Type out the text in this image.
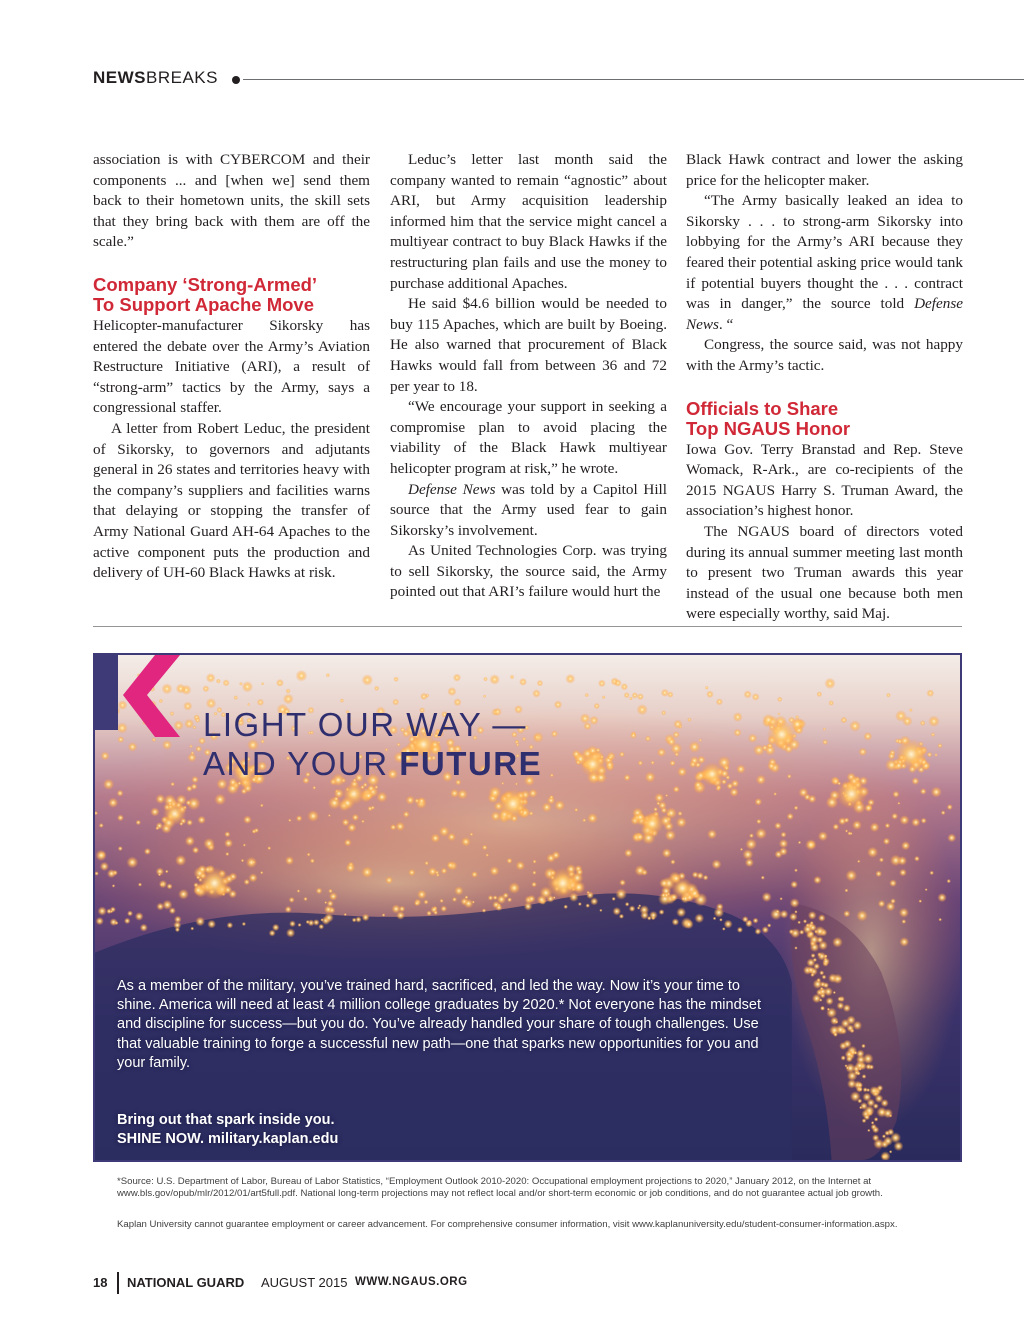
NEWSBREAKS

association is with CYBERCOM and their components ... and [when we] send them back to their hometown units, the skill sets that they bring back with them are off the scale.”

Company ‘Strong-Armed’
To Support Apache Move

Helicopter-manufacturer Sikorsky has entered the debate over the Army’s Aviation Restructure Initiative (ARI), a result of “strong-arm” tactics by the Army, says a congressional staffer.

A letter from Robert Leduc, the president of Sikorsky, to governors and adjutants general in 26 states and territories heavy with the company’s suppliers and facilities warns that delaying or stopping the transfer of Army National Guard AH-64 Apaches to the active component puts the production and delivery of UH-60 Black Hawks at risk.

Leduc’s letter last month said the company wanted to remain “agnostic” about ARI, but Army acquisition leadership informed him that the service might cancel a multiyear contract to buy Black Hawks if the restructuring plan fails and use the money to purchase additional Apaches.

He said $4.6 billion would be needed to buy 115 Apaches, which are built by Boeing. He also warned that procurement of Black Hawks would fall from between 36 and 72 per year to 18.

“We encourage your support in seeking a compromise plan to avoid placing the viability of the Black Hawk multiyear helicopter program at risk,” he wrote.

Defense News was told by a Capitol Hill source that the Army used fear to gain Sikorsky’s involvement.

As United Technologies Corp. was trying to sell Sikorsky, the source said, the Army pointed out that ARI’s failure would hurt the

Black Hawk contract and lower the asking price for the helicopter maker.

“The Army basically leaked an idea to Sikorsky . . . to strong-arm Sikorsky into lobbying for the Army’s ARI because they feared their potential asking price would tank if potential buyers thought the . . . contract was in danger,” the source told Defense News. “

Congress, the source said, was not happy with the Army’s tactic.

Officials to Share
Top NGAUS Honor

Iowa Gov. Terry Branstad and Rep. Steve Womack, R-Ark., are co-recipients of the 2015 NGAUS Harry S. Truman Award, the association’s highest honor.

The NGAUS board of directors voted during its annual summer meeting last month to present two Truman awards this year instead of the usual one because both men were especially worthy, said Maj.

LIGHT OUR WAY —
AND YOUR FUTURE
As a member of the military, you’ve trained hard, sacrificed, and led the way. Now it’s your time to shine. America will need at least 4 million college graduates by 2020.* Not everyone has the mindset and discipline for success—but you do. You’ve already handled your share of tough challenges. Use that valuable training to forge a successful new path—one that sparks new opportunities for you and your family.
Bring out that spark inside you.
SHINE NOW. military.kaplan.edu
*Source: U.S. Department of Labor, Bureau of Labor Statistics, “Employment Outlook 2010-2020: Occupational employment projections to 2020,” January 2012, on the Internet at www.bls.gov/opub/mlr/2012/01/art5full.pdf. National long-term projections may not reflect local and/or short-term economic or job conditions, and do not guarantee actual job growth.
Kaplan University cannot guarantee employment or career advancement. For comprehensive consumer information, visit www.kaplanuniversity.edu/student-consumer-information.aspx.
18 NATIONAL GUARD AUGUST 2015 WWW.NGAUS.ORG
